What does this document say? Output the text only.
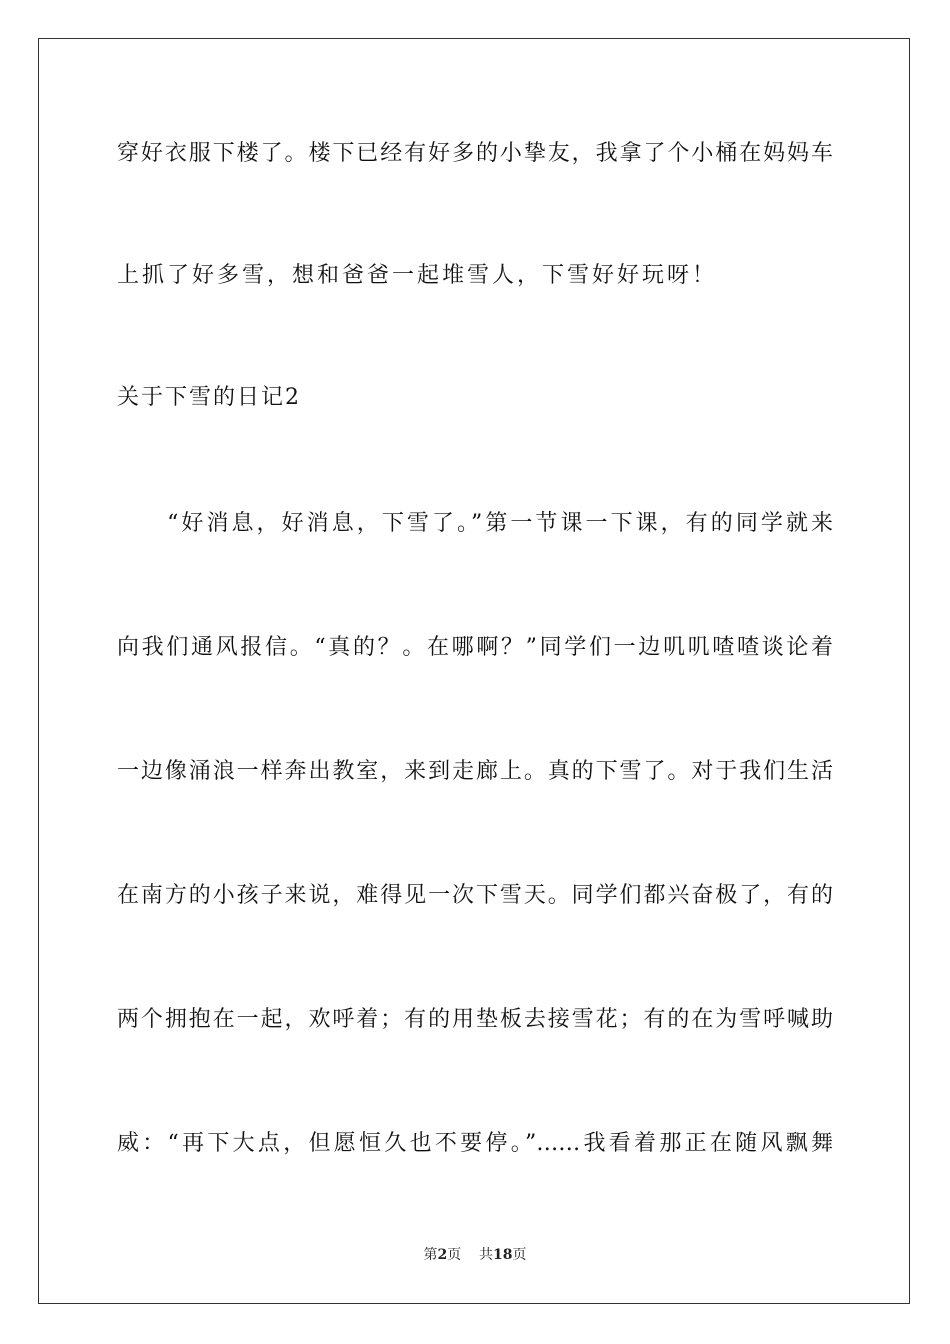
穿好衣服下楼了。楼下已经有好多的小挚友，我拿了个小桶在妈妈车
上抓了好多雪，想和爸爸一起堆雪人，下雪好好玩呀！
关于下雪的日记2
　　“好消息，好消息，下雪了。”第一节课一下课，有的同学就来
向我们通风报信。“真的？。在哪啊？”同学们一边叽叽喳喳谈论着
一边像涌浪一样奔出教室，来到走廊上。真的下雪了。对于我们生活
在南方的小孩子来说，难得见一次下雪天。同学们都兴奋极了，有的
两个拥抱在一起，欢呼着；有的用垫板去接雪花；有的在为雪呼喊助
威：“再下大点，但愿恒久也不要停。”……我看着那正在随风飘舞
第2页 共18页
